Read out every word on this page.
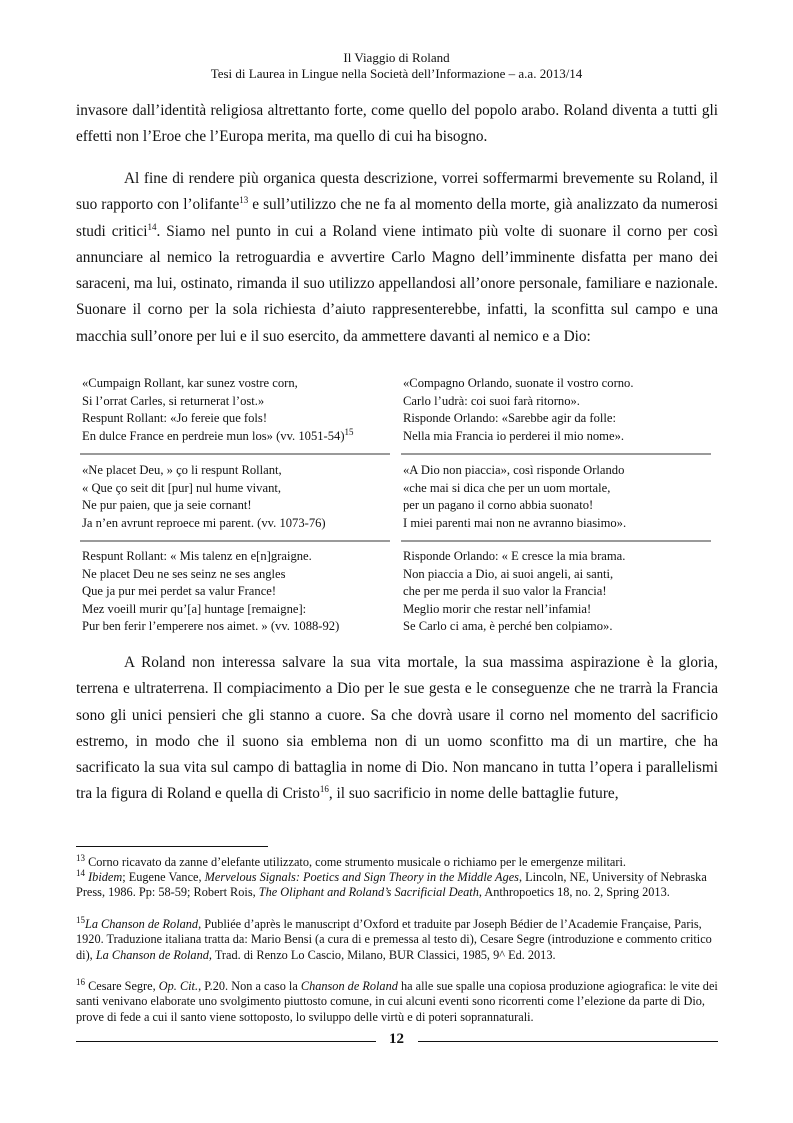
Il Viaggio di Roland
Tesi di Laurea in Lingue nella Società dell’Informazione – a.a. 2013/14

invasore dall’identità religiosa altrettanto forte, come quello del popolo arabo. Roland diventa a tutti gli effetti non l’Eroe che l’Europa merita, ma quello di cui ha bisogno.

Al fine di rendere più organica questa descrizione, vorrei soffermarmi brevemente su Roland, il suo rapporto con l’olifante$^{13}$ e sull’utilizzo che ne fa al momento della morte, già analizzato da numerosi studi critici$^{14}$. Siamo nel punto in cui a Roland viene intimato più volte di suonare il corno per così annunciare al nemico la retroguardia e avvertire Carlo Magno dell’imminente disfatta per mano dei saraceni, ma lui, ostinato, rimanda il suo utilizzo appellandosi all’onore personale, familiare e nazionale. Suonare il corno per la sola richiesta d’aiuto rappresenterebbe, infatti, la sconfitta sul campo e una macchia sull’onore per lui e il suo esercito, da ammettere davanti al nemico e a Dio:

«Cumpaign Rollant, kar sunez vostre corn,
Si l’orrat Carles, si returnerat l’ost.»
Respunt Rollant: «Jo fereie que fols!
En dulce France en perdreie mun los» (vv. 1051-54)$^{15}$
«Compagno Orlando, suonate il vostro corno.
Carlo l’udrà: coi suoi farà ritorno».
Risponde Orlando: «Sarebbe agir da folle:
Nella mia Francia io perderei il mio nome».
«Ne placet Deu, » ço li respunt Rollant,
« Que ço seit dit [pur] nul hume vivant,
Ne pur paien, que ja seie cornant!
Ja n’en avrunt reproece mi parent. (vv. 1073-76)
«A Dio non piaccia», così risponde Orlando
«che mai si dica che per un uom mortale,
per un pagano il corno abbia suonato!
I miei parenti mai non ne avranno biasimo».
Respunt Rollant: « Mis talenz en e[n]graigne.
Ne placet Deu ne ses seinz ne ses angles
Que ja pur mei perdet sa valur France!
Mez voeill murir qu’[a] huntage [remaigne]:
Pur ben ferir l’emperere nos aimet. » (vv. 1088-92)
Risponde Orlando: « E cresce la mia brama.
Non piaccia a Dio, ai suoi angeli, ai santi,
che per me perda il suo valor la Francia!
Meglio morir che restar nell’infamia!
Se Carlo ci ama, è perché ben colpiamo».

A Roland non interessa salvare la sua vita mortale, la sua massima aspirazione è la gloria, terrena e ultraterrena. Il compiacimento a Dio per le sue gesta e le conseguenze che ne trarrà la Francia sono gli unici pensieri che gli stanno a cuore. Sa che dovrà usare il corno nel momento del sacrificio estremo, in modo che il suono sia emblema non di un uomo sconfitto ma di un martire, che ha sacrificato la sua vita sul campo di battaglia in nome di Dio. Non mancano in tutta l’opera i parallelismi tra la figura di Roland e quella di Cristo$^{16}$, il suo sacrificio in nome delle battaglie future,

$^{13}$ Corno ricavato da zanne d’elefante utilizzato, come strumento musicale o richiamo per le emergenze militari.

$^{14}$ Ibidem; Eugene Vance, Mervelous Signals: Poetics and Sign Theory in the Middle Ages, Lincoln, NE, University of Nebraska Press, 1986. Pp: 58-59; Robert Rois, The Oliphant and Roland’s Sacrificial Death, Anthropoetics 18, no. 2, Spring 2013.

$^{15}$La Chanson de Roland, Publiée d’après le manuscript d’Oxford et traduite par Joseph Bédier de l’Academie Française, Paris, 1920. Traduzione italiana tratta da: Mario Bensi (a cura di e premessa al testo di), Cesare Segre (introduzione e commento critico di), La Chanson de Roland, Trad. di Renzo Lo Cascio, Milano, BUR Classici, 1985, 9^ Ed. 2013.

$^{16}$ Cesare Segre, Op. Cit., P.20. Non a caso la Chanson de Roland ha alle sue spalle una copiosa produzione agiografica: le vite dei santi venivano elaborate uno svolgimento piuttosto comune, in cui alcuni eventi sono ricorrenti come l’elezione da parte di Dio, prove di fede a cui il santo viene sottoposto, lo sviluppo delle virtù e di poteri soprannaturali.

12
